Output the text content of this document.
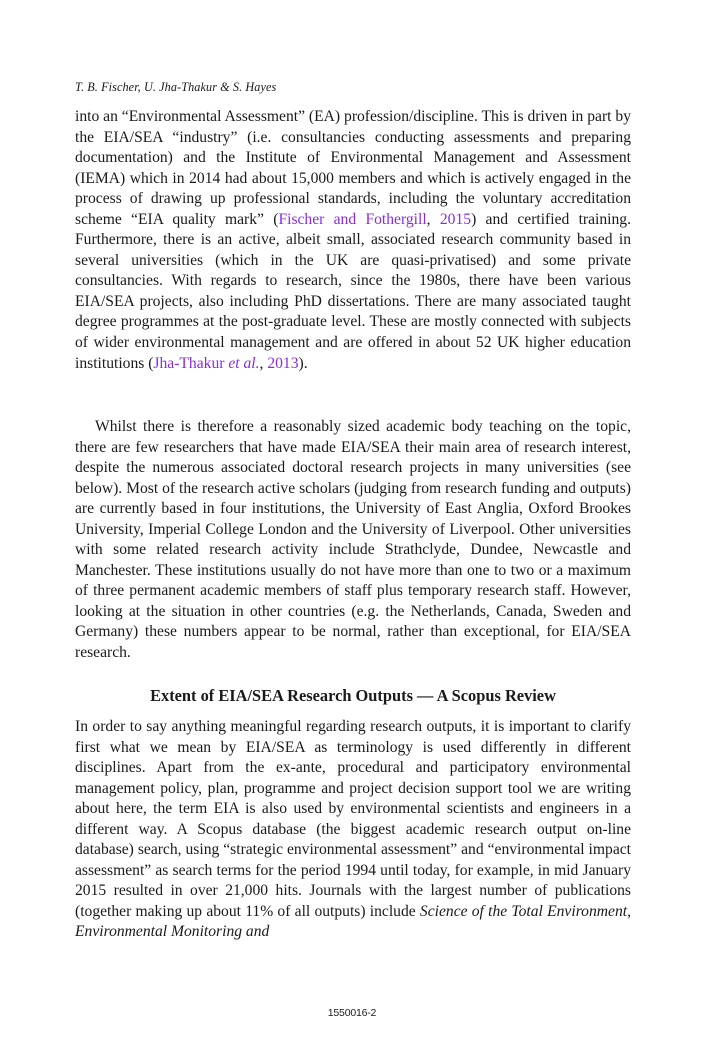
T. B. Fischer, U. Jha-Thakur & S. Hayes

into an “Environmental Assessment” (EA) profession/discipline. This is driven in part by the EIA/SEA “industry” (i.e. consultancies conducting assessments and preparing documentation) and the Institute of Environmental Management and Assessment (IEMA) which in 2014 had about 15,000 members and which is actively engaged in the process of drawing up professional standards, including the voluntary accreditation scheme “EIA quality mark” (Fischer and Fothergill, 2015) and certified training. Furthermore, there is an active, albeit small, associated research community based in several universities (which in the UK are quasi-privatised) and some private consultancies. With regards to research, since the 1980s, there have been various EIA/SEA projects, also including PhD dissertations. There are many associated taught degree programmes at the post-graduate level. These are mostly connected with subjects of wider environmental management and are offered in about 52 UK higher education institutions (Jha-Thakur et al., 2013).

Whilst there is therefore a reasonably sized academic body teaching on the topic, there are few researchers that have made EIA/SEA their main area of research interest, despite the numerous associated doctoral research projects in many universities (see below). Most of the research active scholars (judging from research funding and outputs) are currently based in four institutions, the University of East Anglia, Oxford Brookes University, Imperial College London and the University of Liverpool. Other universities with some related research activity include Strathclyde, Dundee, Newcastle and Manchester. These institutions usually do not have more than one to two or a maximum of three permanent academic members of staff plus temporary research staff. However, looking at the situation in other countries (e.g. the Netherlands, Canada, Sweden and Germany) these numbers appear to be normal, rather than exceptional, for EIA/SEA research.

Extent of EIA/SEA Research Outputs — A Scopus Review

In order to say anything meaningful regarding research outputs, it is important to clarify first what we mean by EIA/SEA as terminology is used differently in different disciplines. Apart from the ex-ante, procedural and participatory environmental management policy, plan, programme and project decision support tool we are writing about here, the term EIA is also used by environmental scientists and engineers in a different way. A Scopus database (the biggest academic research output on-line database) search, using “strategic environmental assessment” and “environmental impact assessment” as search terms for the period 1994 until today, for example, in mid January 2015 resulted in over 21,000 hits. Journals with the largest number of publications (together making up about 11% of all outputs) include Science of the Total Environment, Environmental Monitoring and

1550016-2
